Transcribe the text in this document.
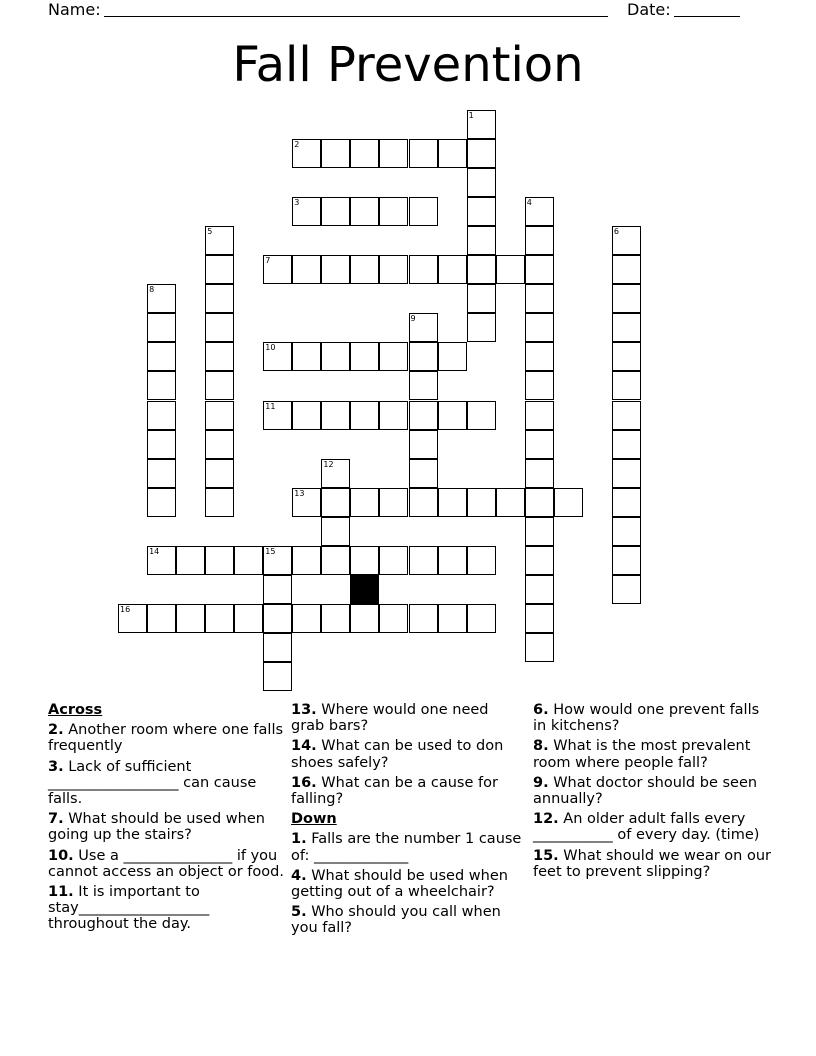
Name:	Date:
Fall Prevention
1
2
3	4
5	6
7
8
9
10
11
12
13
14	15
16
Across
2. Another room where one falls frequently
3. Lack of sufficient __________________ can cause falls.
7. What should be used when going up the stairs?
10. Use a _______________ if you cannot access an object or food.
11. It is important to stay__________________ throughout the day.
13. Where would one need grab bars?
14. What can be used to don shoes safely?
16. What can be a cause for falling?
Down
1. Falls are the number 1 cause of: _____________
4. What should be used when getting out of a wheelchair?
5. Who should you call when you fall?
6. How would one prevent falls in kitchens?
8. What is the most prevalent room where people fall?
9. What doctor should be seen annually?
12. An older adult falls every ___________ of every day. (time)
15. What should we wear on our feet to prevent slipping?
